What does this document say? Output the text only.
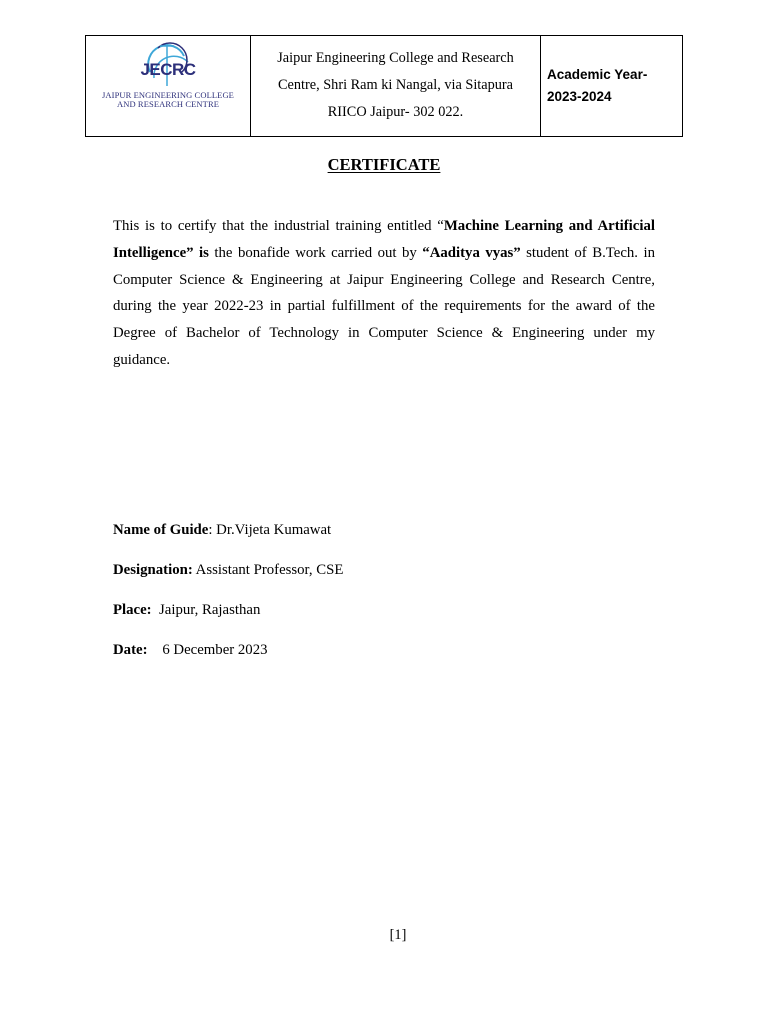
JECRC
JAIPUR ENGINEERING COLLEGE
AND RESEARCH CENTRE

Jaipur Engineering College and Research
Centre, Shri Ram ki Nangal, via Sitapura
RIICO Jaipur- 302 022.

Academic Year-
2023-2024
CERTIFICATE

This is to certify that the industrial training entitled “Machine Learning and Artificial Intelligence” is the bonafide work carried out by “Aaditya vyas” student of B.Tech. in Computer Science & Engineering at Jaipur Engineering College and Research Centre, during the year 2022-23 in partial fulfillment of the requirements for the award of the Degree of Bachelor of Technology in Computer Science & Engineering under my guidance.

Name of Guide: Dr.Vijeta Kumawat
Designation: Assistant Professor, CSE
Place:  Jaipur, Rajasthan
Date:    6 December 2023
[1]
